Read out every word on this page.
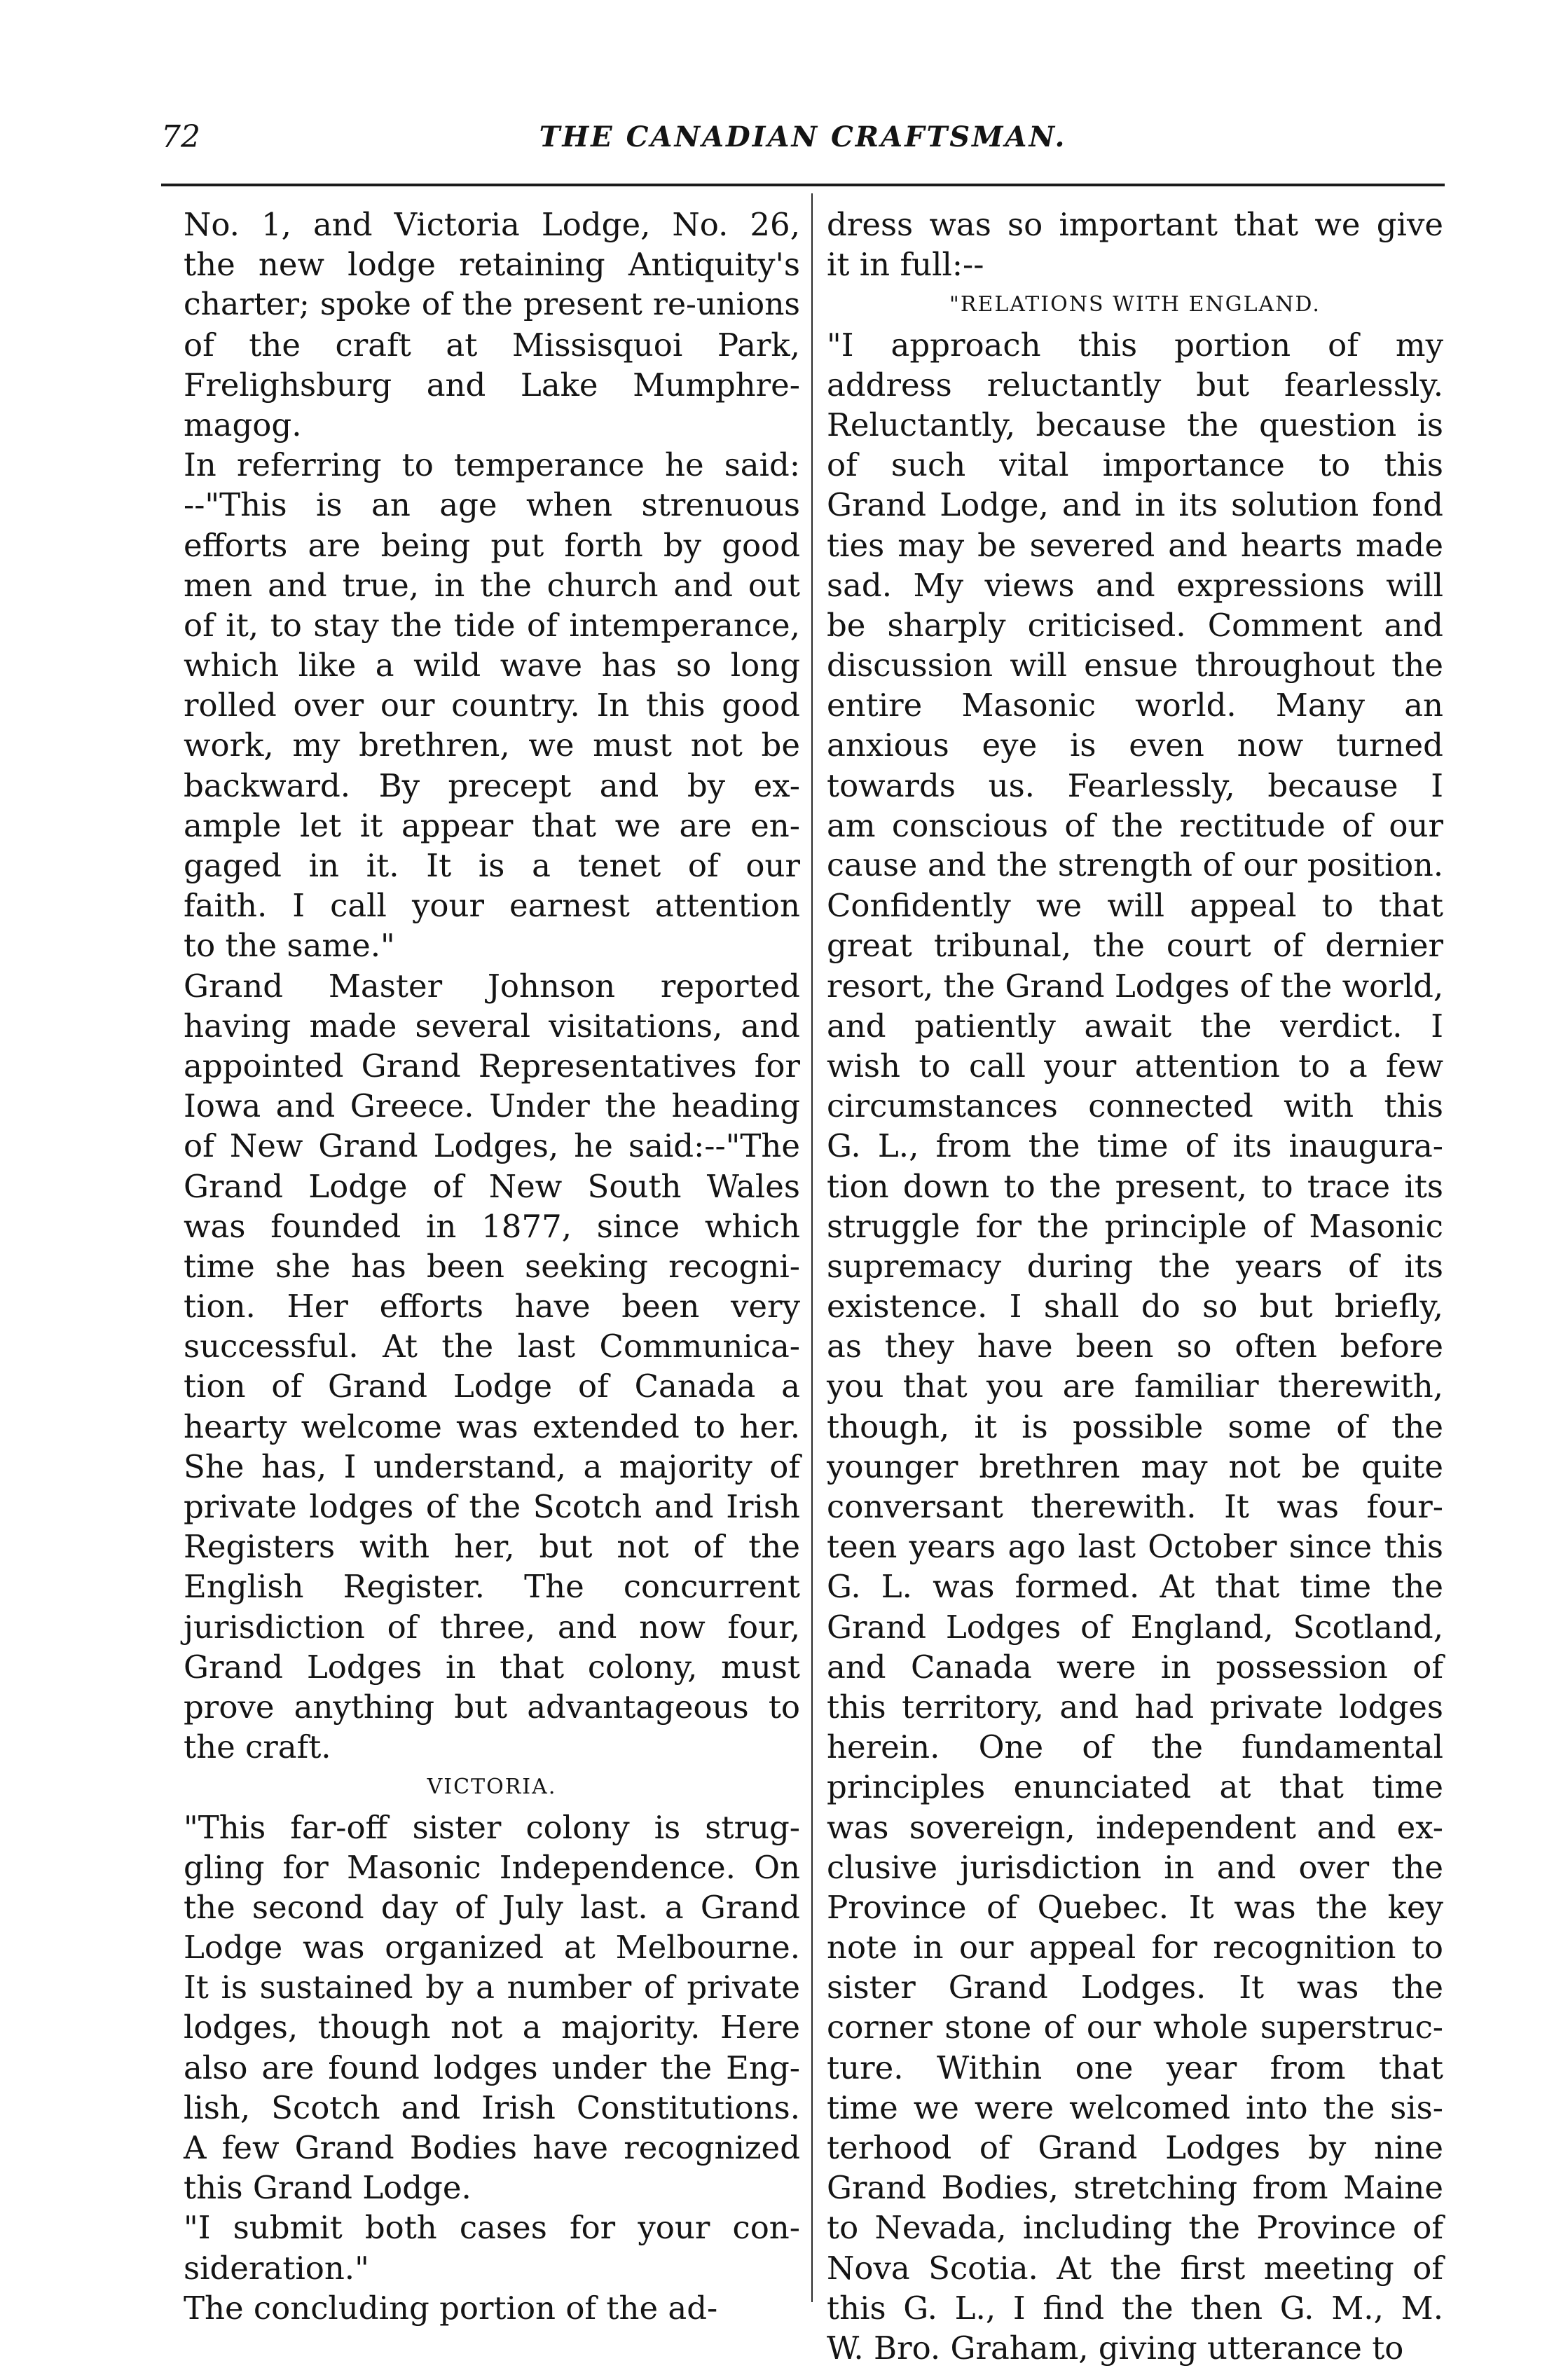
72	THE CANADIAN CRAFTSMAN.
No. 1, and Victoria Lodge, No. 26,
the new lodge retaining Antiquity's
charter; spoke of the present re-unions
of the craft at Missisquoi Park,
Frelighsburg and Lake Mumphre-
magog.
In referring to temperance he said:
--"This is an age when strenuous
efforts are being put forth by good
men and true, in the church and out
of it, to stay the tide of intemperance,
which like a wild wave has so long
rolled over our country. In this good
work, my brethren, we must not be
backward. By precept and by ex-
ample let it appear that we are en-
gaged in it. It is a tenet of our
faith. I call your earnest attention
to the same."
Grand Master Johnson reported
having made several visitations, and
appointed Grand Representatives for
Iowa and Greece. Under the heading
of New Grand Lodges, he said:--"The
Grand Lodge of New South Wales
was founded in 1877, since which
time she has been seeking recogni-
tion. Her efforts have been very
successful. At the last Communica-
tion of Grand Lodge of Canada a
hearty welcome was extended to her.
She has, I understand, a majority of
private lodges of the Scotch and Irish
Registers with her, but not of the
English Register. The concurrent
jurisdiction of three, and now four,
Grand Lodges in that colony, must
prove anything but advantageous to
the craft.
VICTORIA.
"This far-off sister colony is strug-
gling for Masonic Independence. On
the second day of July last. a Grand
Lodge was organized at Melbourne.
It is sustained by a number of private
lodges, though not a majority. Here
also are found lodges under the Eng-
lish, Scotch and Irish Constitutions.
A few Grand Bodies have recognized
this Grand Lodge.
"I submit both cases for your con-
sideration."
The concluding portion of the ad-
dress was so important that we give
it in full:--
"RELATIONS WITH ENGLAND.
"I approach this portion of my
address reluctantly but fearlessly.
Reluctantly, because the question is
of such vital importance to this
Grand Lodge, and in its solution fond
ties may be severed and hearts made
sad. My views and expressions will
be sharply criticised. Comment and
discussion will ensue throughout the
entire Masonic world. Many an
anxious eye is even now turned
towards us. Fearlessly, because I
am conscious of the rectitude of our
cause and the strength of our position.
Confidently we will appeal to that
great tribunal, the court of dernier
resort, the Grand Lodges of the world,
and patiently await the verdict. I
wish to call your attention to a few
circumstances connected with this
G. L., from the time of its inaugura-
tion down to the present, to trace its
struggle for the principle of Masonic
supremacy during the years of its
existence. I shall do so but briefly,
as they have been so often before
you that you are familiar therewith,
though, it is possible some of the
younger brethren may not be quite
conversant therewith. It was four-
teen years ago last October since this
G. L. was formed. At that time the
Grand Lodges of England, Scotland,
and Canada were in possession of
this territory, and had private lodges
herein. One of the fundamental
principles enunciated at that time
was sovereign, independent and ex-
clusive jurisdiction in and over the
Province of Quebec. It was the key
note in our appeal for recognition to
sister Grand Lodges. It was the
corner stone of our whole superstruc-
ture. Within one year from that
time we were welcomed into the sis-
terhood of Grand Lodges by nine
Grand Bodies, stretching from Maine
to Nevada, including the Province of
Nova Scotia. At the first meeting of
this G. L., I find the then G. M., M.
W. Bro. Graham, giving utterance to
